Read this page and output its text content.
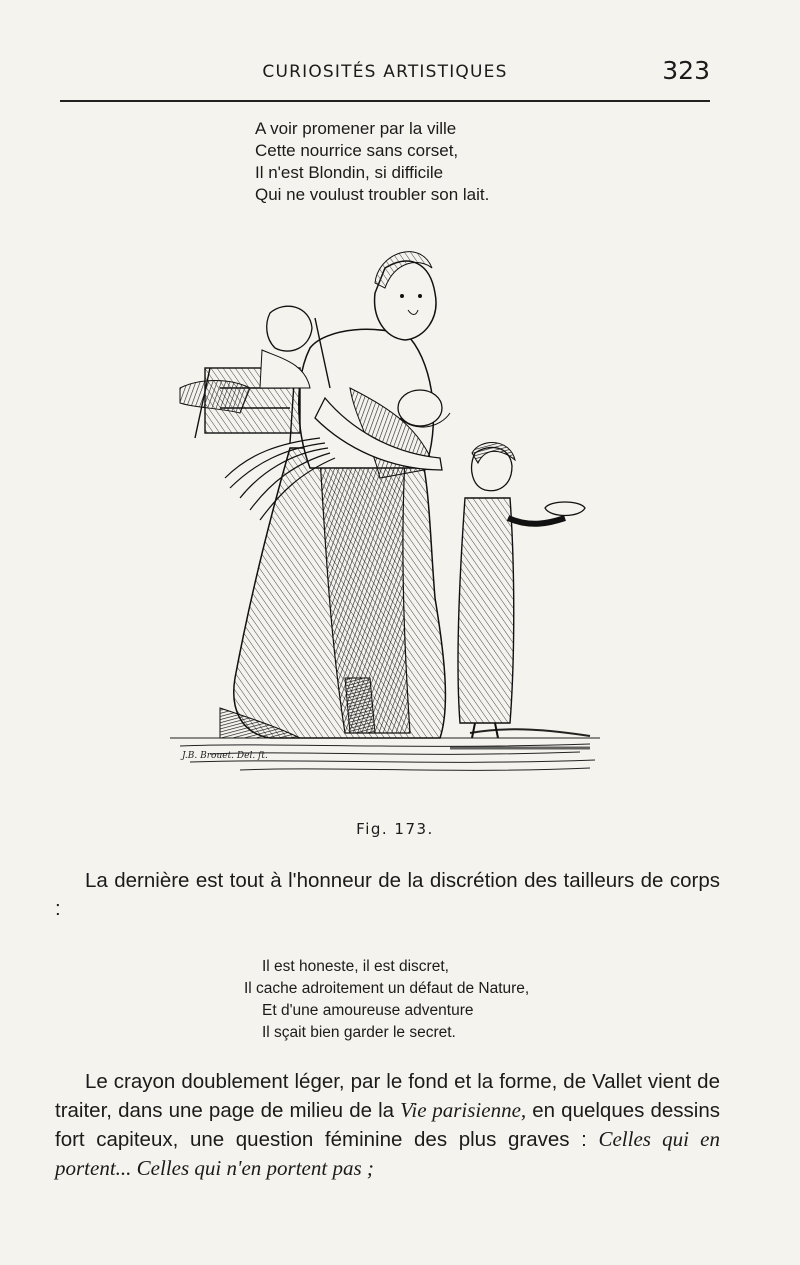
CURIOSITÉS ARTISTIQUES	323
A voir promener par la ville
Cette nourrice sans corset,
Il n'est Blondin, si difficile
Qui ne voulust troubler son lait.
J.B. Brouet. Del. ft.
Fig. 173.
La dernière est tout à l'honneur de la discrétion des tailleurs de corps :
Il est honeste, il est discret,
Il cache adroitement un défaut de Nature,
Et d'une amoureuse adventure
Il sçait bien garder le secret.
Le crayon doublement léger, par le fond et la forme, de Vallet vient de traiter, dans une page de milieu de la Vie parisienne, en quelques dessins fort capiteux, une question féminine des plus graves : Celles qui en portent... Celles qui n'en portent pas ;
